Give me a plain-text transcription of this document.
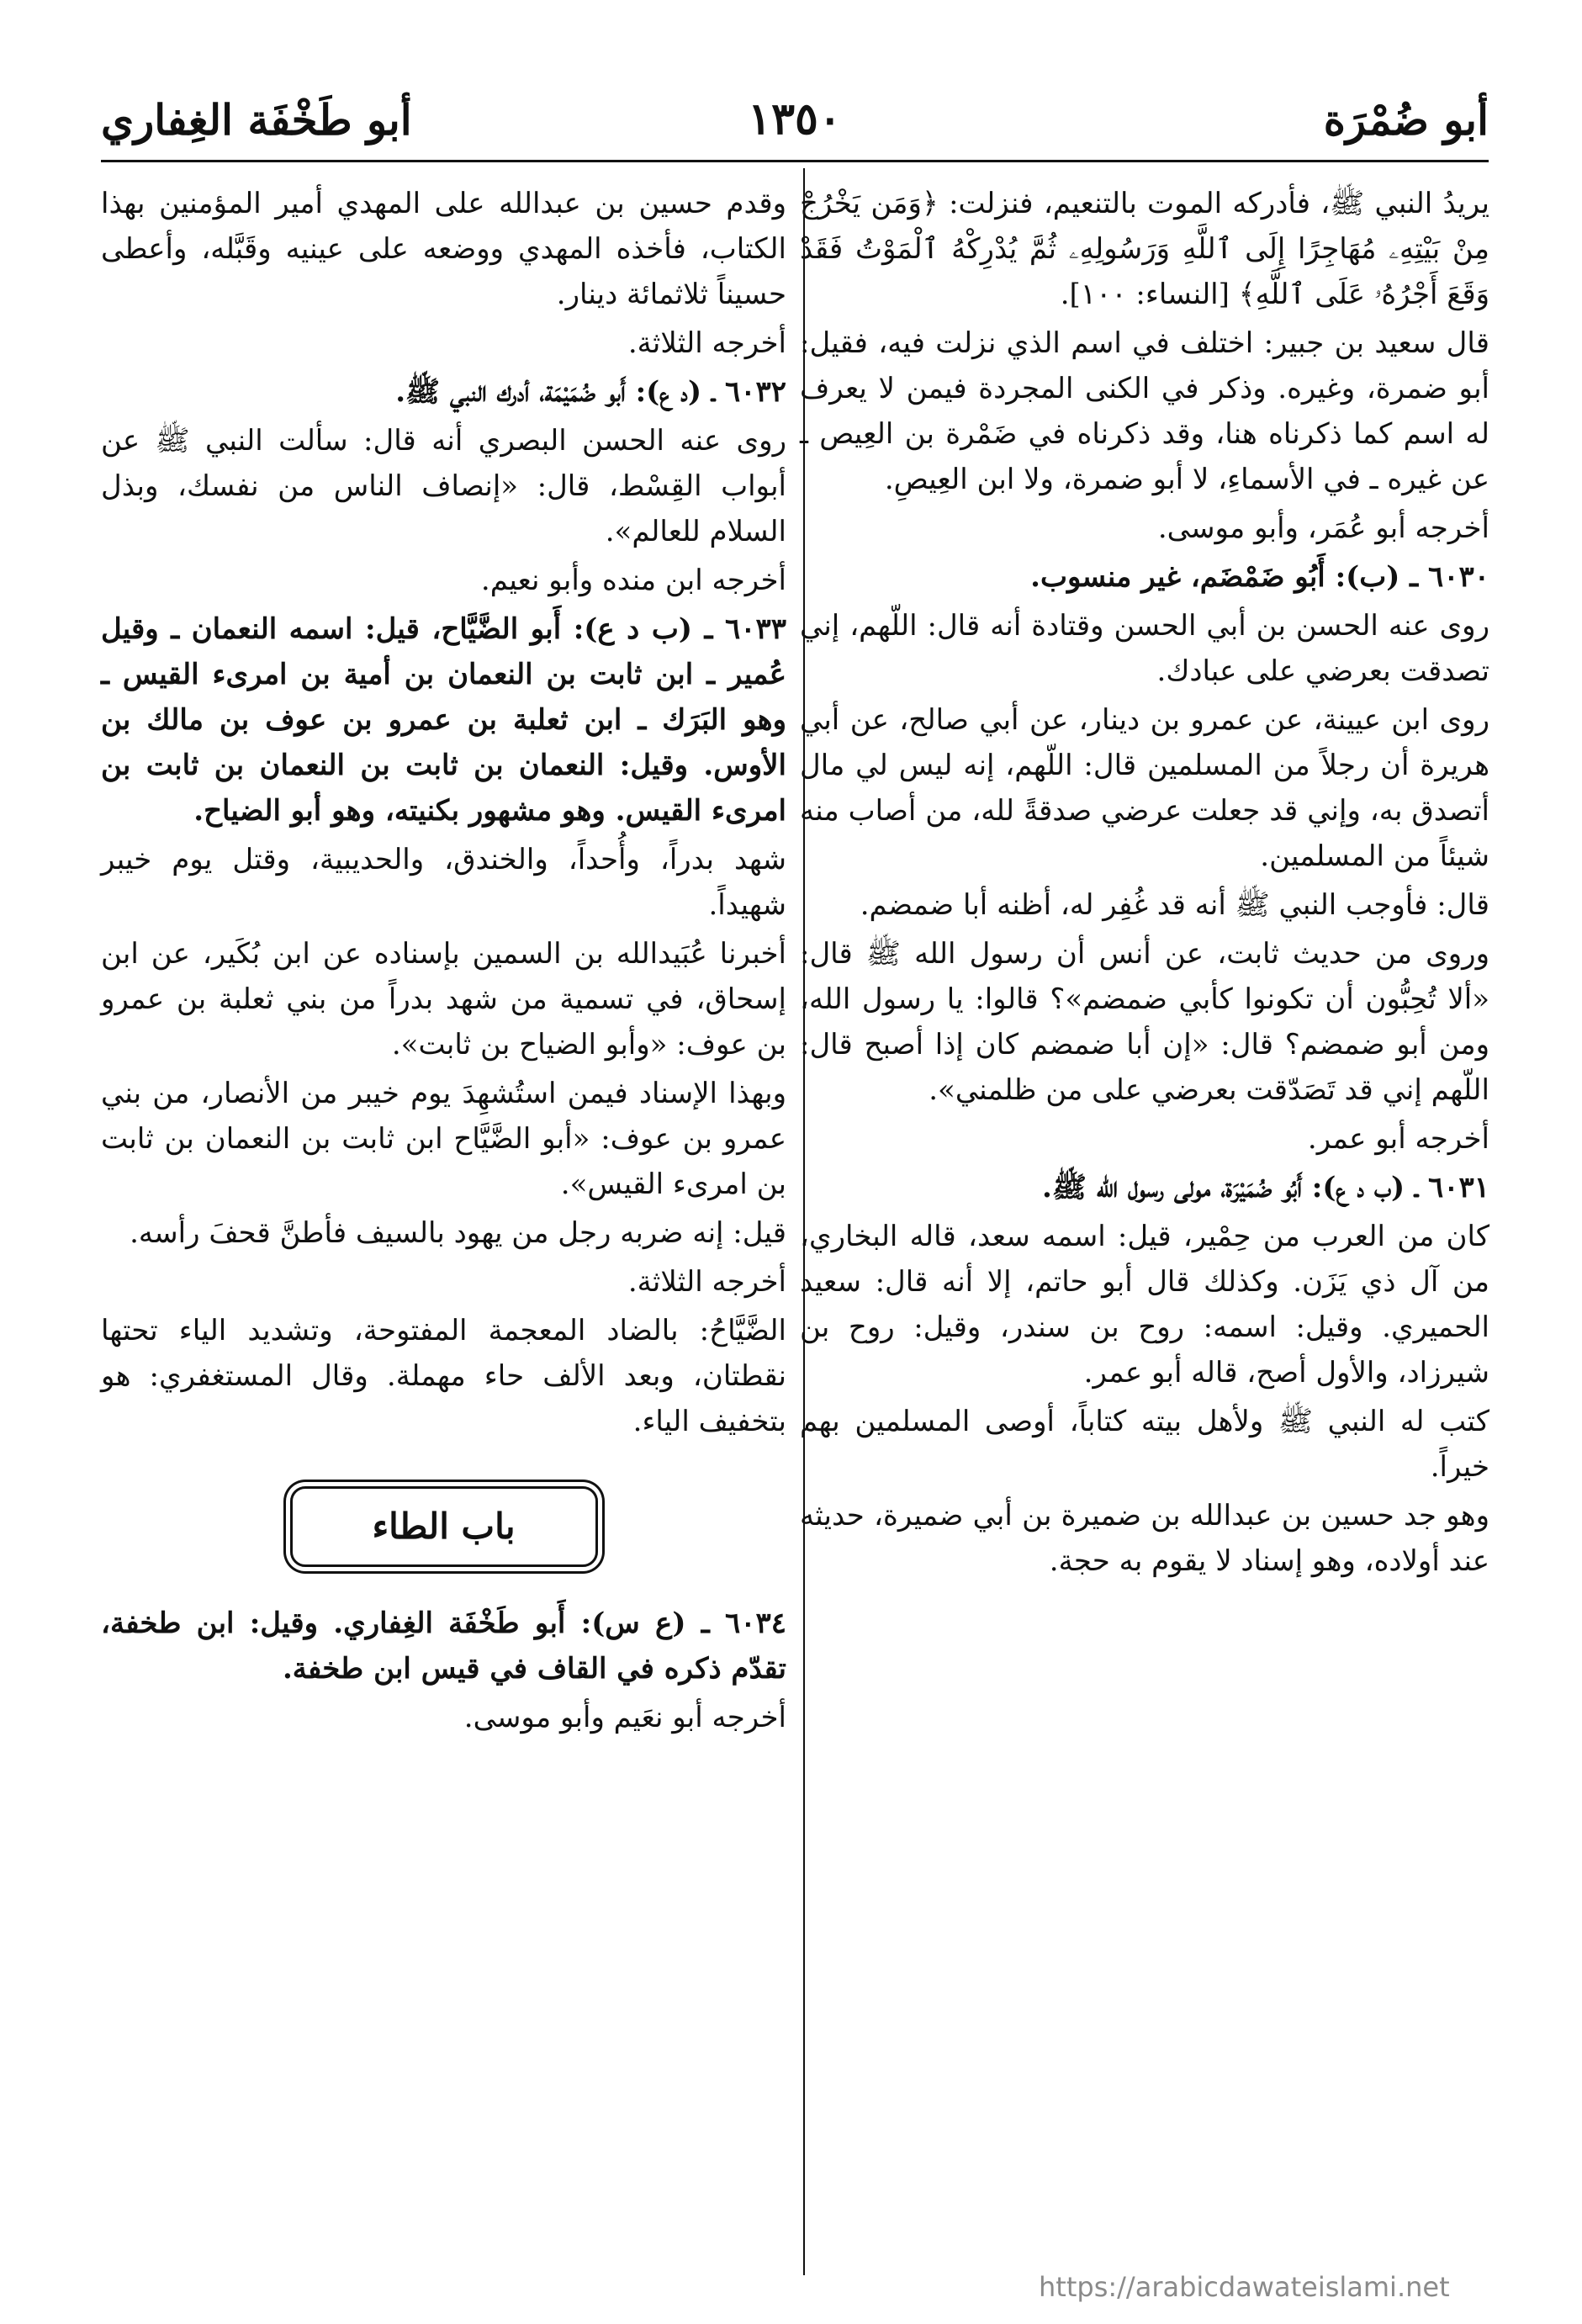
أبو ضُمْرَة
١٣٥٠
أبو طَخْفَة الغِفاري

يريدُ النبي ﷺ، فأدركه الموت بالتنعيم، فنزلت: ﴿وَمَن يَخْرُجْ مِنْ بَيْتِهِۦ مُهَاجِرًا إِلَى ٱللَّهِ وَرَسُولِهِۦ ثُمَّ يُدْرِكْهُ ٱلْمَوْتُ فَقَدْ وَقَعَ أَجْرُهُۥ عَلَى ٱللَّهِ﴾ [النساء: ١٠٠].

قال سعيد بن جبير: اختلف في اسم الذي نزلت فيه، فقيل: أبو ضمرة، وغيره. وذكر في الكنى المجردة فيمن لا يعرف له اسم كما ذكرناه هنا، وقد ذكرناه في ضَمْرة بن العِيص ـ عن غيره ـ في الأسماءِ، لا أبو ضمرة، ولا ابن العِيصِ.

أخرجه أبو عُمَر، وأبو موسى.

٦٠٣٠ ـ (ب): أَبُو ضَمْضَم، غير منسوب.

روى عنه الحسن بن أبي الحسن وقتادة أنه قال: اللّهم، إني تصدقت بعرضي على عبادك.

روى ابن عيينة، عن عمرو بن دينار، عن أبي صالح، عن أبي هريرة أن رجلاً من المسلمين قال: اللّهم، إنه ليس لي مال أتصدق به، وإني قد جعلت عرضي صدقةً لله، من أصاب منه شيئاً من المسلمين.

قال: فأوجب النبي ﷺ أنه قد غُفِر له، أظنه أبا ضمضم.

وروى من حديث ثابت، عن أنس أن رسول الله ﷺ قال: «ألا تُحِبُّون أن تكونوا كأبي ضمضم»؟ قالوا: يا رسول الله، ومن أبو ضمضم؟ قال: «إن أبا ضمضم كان إذا أصبح قال: اللّهم إني قد تَصَدّقت بعرضي على من ظلمني».

أخرجه أبو عمر.

٦٠٣١ ـ (ب د ع): أَبُو ضُمَيْرَة، مولى رسول الله ﷺ.

كان من العرب من حِمْير، قيل: اسمه سعد، قاله البخاري، من آل ذي يَزَن. وكذلك قال أبو حاتم، إلا أنه قال: سعيد الحميري. وقيل: اسمه: روح بن سندر، وقيل: روح بن شيرزاد، والأول أصح، قاله أبو عمر.

كتب له النبي ﷺ ولأهل بيته كتاباً، أوصى المسلمين بهم خيراً.

وهو جد حسين بن عبدالله بن ضميرة بن أبي ضميرة، حديثه عند أولاده، وهو إسناد لا يقوم به حجة.

وقدم حسين بن عبدالله على المهدي أمير المؤمنين بهذا الكتاب، فأخذه المهدي ووضعه على عينيه وقَبَّله، وأعطى حسيناً ثلاثمائة دينار.

أخرجه الثلاثة.

٦٠٣٢ ـ (د ع): أَبو ضُمَيْمَة، أدرك النبي ﷺ.

روى عنه الحسن البصري أنه قال: سألت النبي ﷺ عن أبواب القِسْط، قال: «إنصاف الناس من نفسك، وبذل السلام للعالم».

أخرجه ابن منده وأبو نعيم.

٦٠٣٣ ـ (ب د ع): أَبو الضَّيَّاح، قيل: اسمه النعمان ـ وقيل عُمير ـ ابن ثابت بن النعمان بن أمية بن امرىء القيس ـ وهو البَرَك ـ ابن ثعلبة بن عمرو بن عوف بن مالك بن الأوس. وقيل: النعمان بن ثابت بن النعمان بن ثابت بن امرىء القيس. وهو مشهور بكنيته، وهو أبو الضياح.

شهد بدراً، وأُحداً، والخندق، والحديبية، وقتل يوم خيبر شهيداً.

أخبرنا عُبَيدالله بن السمين بإسناده عن ابن بُكَير، عن ابن إسحاق، في تسمية من شهد بدراً من بني ثعلبة بن عمرو بن عوف: «وأبو الضياح بن ثابت».

وبهذا الإسناد فيمن استُشهِدَ يوم خيبر من الأنصار، من بني عمرو بن عوف: «أبو الضَّيَّاح ابن ثابت بن النعمان بن ثابت بن امرىء القيس».

قيل: إنه ضربه رجل من يهود بالسيف فأطنَّ قحفَ رأسه.

أخرجه الثلاثة.

الضَّيَّاحُ: بالضاد المعجمة المفتوحة، وتشديد الياء تحتها نقطتان، وبعد الألف حاء مهملة. وقال المستغفري: هو بتخفيف الياء.

باب الطاء

٦٠٣٤ ـ (ع س): أَبو طَخْفَة الغِفاري. وقيل: ابن طخفة، تقدّم ذكره في القاف في قيس ابن طخفة.

أخرجه أبو نعَيم وأبو موسى.

https://arabicdawateislami.net
